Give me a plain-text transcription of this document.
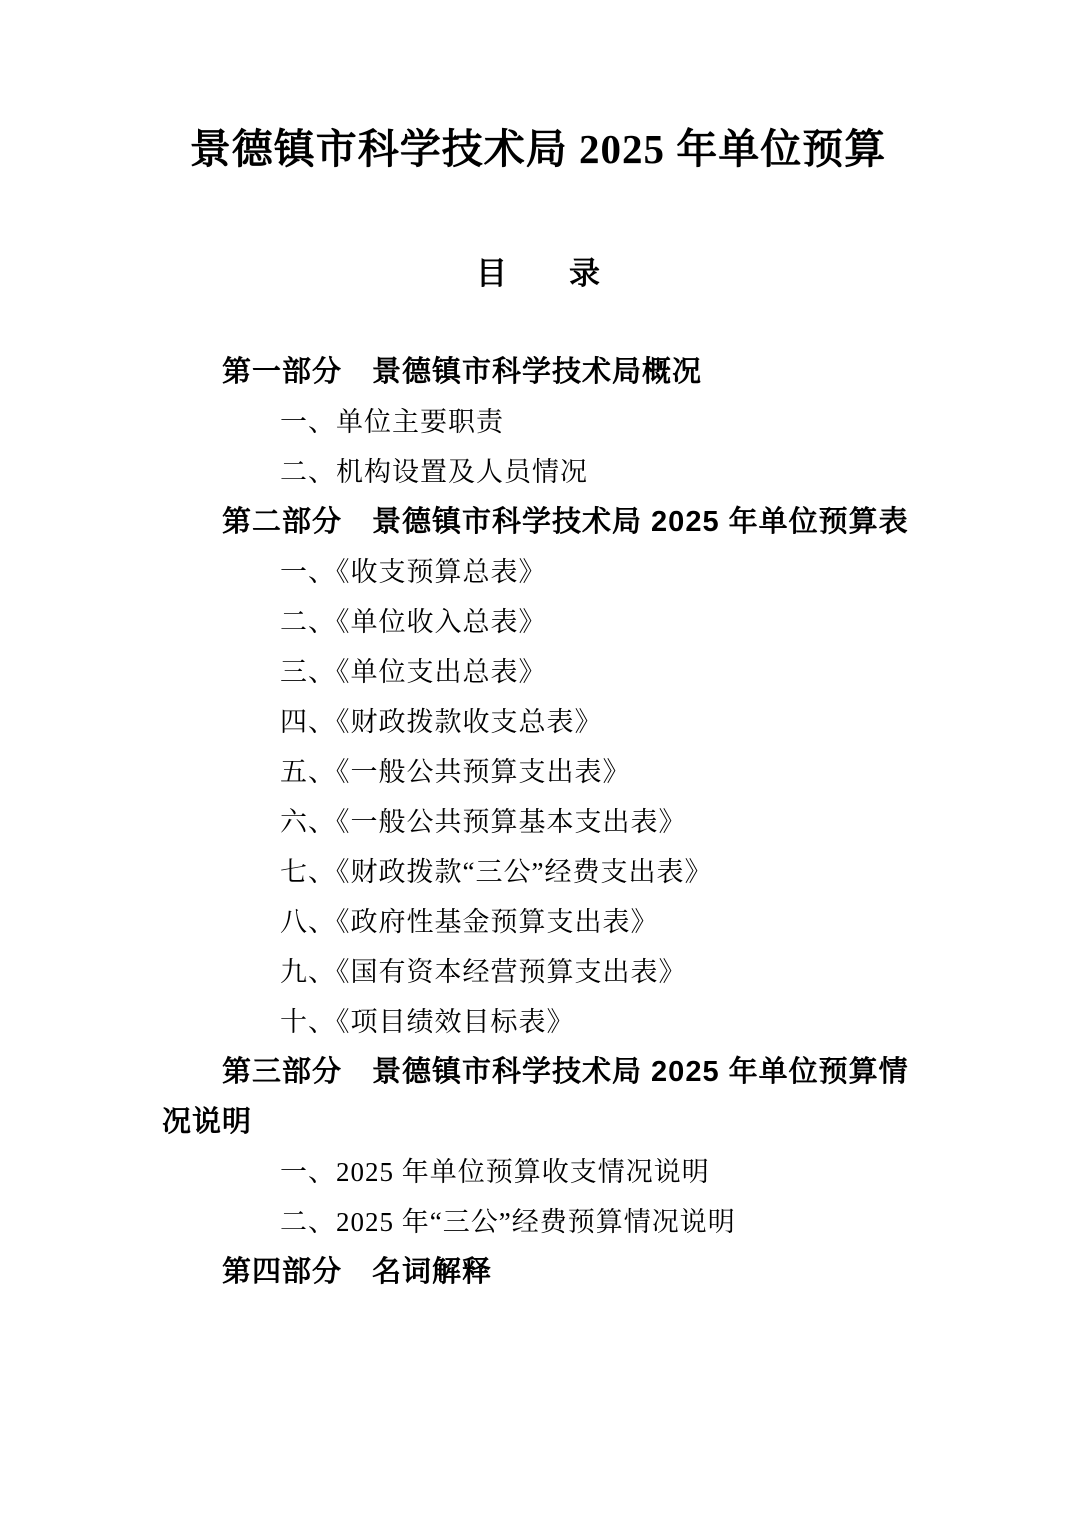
景德镇市科学技术局 2025 年单位预算
目　　录

第一部分　景德镇市科学技术局概况

一、单位主要职责

二、机构设置及人员情况

第二部分　景德镇市科学技术局 2025 年单位预算表

一、《收支预算总表》

二、《单位收入总表》

三、《单位支出总表》

四、《财政拨款收支总表》

五、《一般公共预算支出表》

六、《一般公共预算基本支出表》

七、《财政拨款“三公”经费支出表》

八、《政府性基金预算支出表》

九、《国有资本经营预算支出表》

十、《项目绩效目标表》

第三部分　景德镇市科学技术局 2025 年单位预算情况说明

一、2025 年单位预算收支情况说明

二、2025 年“三公”经费预算情况说明

第四部分　名词解释
